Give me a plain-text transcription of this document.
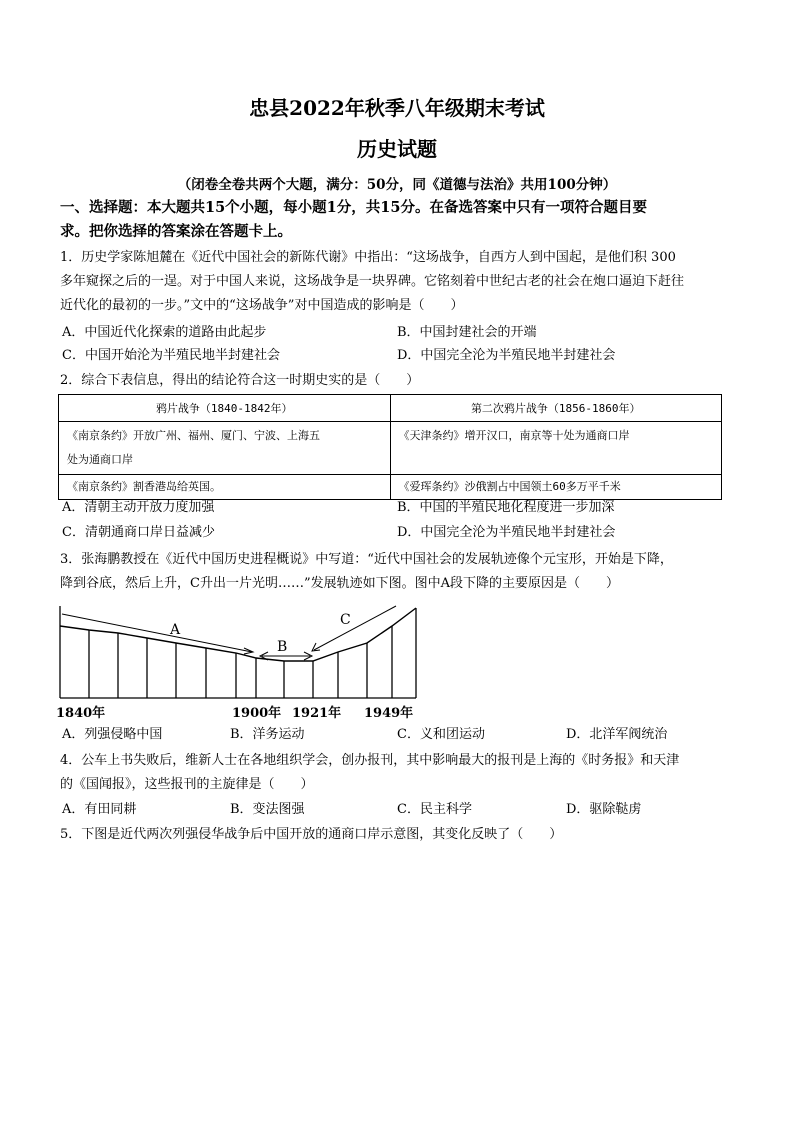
忠县2022年秋季八年级期末考试
历史试题
（闭卷全卷共两个大题，满分：50分，同《道德与法治》共用100分钟）
一、选择题：本大题共15个小题，每小题1分，共15分。在备选答案中只有一项符合题目要
求。把你选择的答案涂在答题卡上。
1．历史学家陈旭麓在《近代中国社会的新陈代谢》中指出：“这场战争，自西方人到中国起，是他们积 300
多年窥探之后的一逞。对于中国人来说，这场战争是一块界碑。它铭刻着中世纪古老的社会在炮口逼迫下赶往
近代化的最初的一步。”文中的“这场战争”对中国造成的影响是（　　）
A．中国近代化探索的道路由此起步	B．中国封建社会的开端
C．中国开始沦为半殖民地半封建社会	D．中国完全沦为半殖民地半封建社会
2．综合下表信息，得出的结论符合这一时期史实的是（　　）
鸦片战争（1840-1842年）	第二次鸦片战争（1856-1860年）

《南京条约》开放广州、福州、厦门、宁波、上海五
处为通商口岸	《天津条约》增开汉口，南京等十处为通商口岸
《南京条约》割香港岛给英国。	《爱珲条约》沙俄割占中国领土60多万平千米
A．清朝主动开放力度加强	B．中国的半殖民地化程度进一步加深
C．清朝通商口岸日益减少	D．中国完全沦为半殖民地半封建社会
3．张海鹏教授在《近代中国历史进程概说》中写道：“近代中国社会的发展轨迹像个元宝形，开始是下降，
降到谷底，然后上升，C升出一片光明……”发展轨迹如下图。图中A段下降的主要原因是（　　）
A
B
C
1840年	1900年 1921年 1949年
A．列强侵略中国	B．洋务运动	C．义和团运动	D．北洋军阀统治
4．公车上书失败后，维新人士在各地组织学会，创办报刊，其中影响最大的报刊是上海的《时务报》和天津
的《国闻报》，这些报刊的主旋律是（　　）
A．有田同耕	B．变法图强	C．民主科学	D．驱除鞑虏
5．下图是近代两次列强侵华战争后中国开放的通商口岸示意图，其变化反映了（　　）
